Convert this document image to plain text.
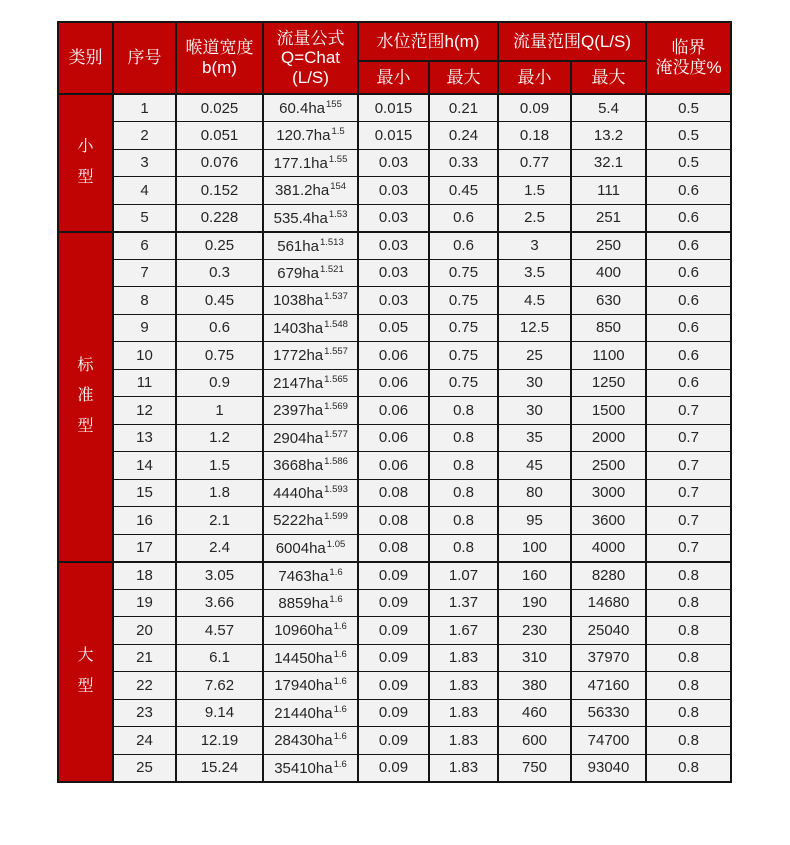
类别	序号	喉道宽度
b(m)	流量公式
Q=Chat
(L/S)	水位范围h(m)		流量范围Q(L/S)		临界
淹没度%

				最小	最大	最小	最大	

小
型	1	0.025	$60.4ha^{155}$	0.015	0.21	0.09	5.4	0.5
	2	0.051	$120.7ha^{1.5}$	0.015	0.24	0.18	13.2	0.5
	3	0.076	$177.1ha^{1.55}$	0.03	0.33	0.77	32.1	0.5
	4	0.152	$381.2ha^{154}$	0.03	0.45	1.5	111	0.6
	5	0.228	$535.4ha^{1.53}$	0.03	0.6	2.5	251	0.6

标
准
型	6	0.25	$561ha^{1.513}$	0.03	0.6	3	250	0.6
	7	0.3	$679ha^{1.521}$	0.03	0.75	3.5	400	0.6
	8	0.45	$1038ha^{1.537}$	0.03	0.75	4.5	630	0.6
	9	0.6	$1403ha^{1.548}$	0.05	0.75	12.5	850	0.6
	10	0.75	$1772ha^{1.557}$	0.06	0.75	25	1100	0.6
	11	0.9	$2147ha^{1.565}$	0.06	0.75	30	1250	0.6
	12	1	$2397ha^{1.569}$	0.06	0.8	30	1500	0.7
	13	1.2	$2904ha^{1.577}$	0.06	0.8	35	2000	0.7
	14	1.5	$3668ha^{1.586}$	0.06	0.8	45	2500	0.7
	15	1.8	$4440ha^{1.593}$	0.08	0.8	80	3000	0.7
	16	2.1	$5222ha^{1.599}$	0.08	0.8	95	3600	0.7
	17	2.4	$6004ha^{1.05}$	0.08	0.8	100	4000	0.7

大
型	18	3.05	$7463ha^{1.6}$	0.09	1.07	160	8280	0.8
	19	3.66	$8859ha^{1.6}$	0.09	1.37	190	14680	0.8
	20	4.57	$10960ha^{1.6}$	0.09	1.67	230	25040	0.8
	21	6.1	$14450ha^{1.6}$	0.09	1.83	310	37970	0.8
	22	7.62	$17940ha^{1.6}$	0.09	1.83	380	47160	0.8
	23	9.14	$21440ha^{1.6}$	0.09	1.83	460	56330	0.8
	24	12.19	$28430ha^{1.6}$	0.09	1.83	600	74700	0.8
	25	15.24	$35410ha^{1.6}$	0.09	1.83	750	93040	0.8
